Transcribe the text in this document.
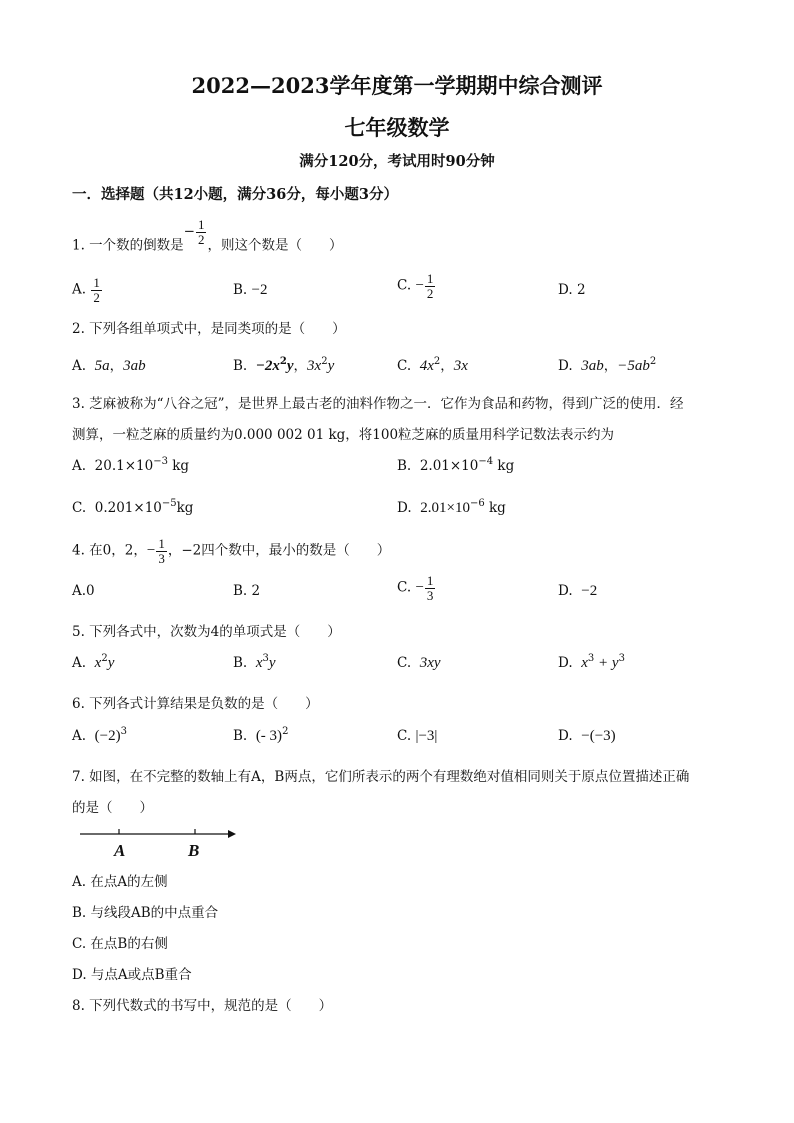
2022—2023学年度第一学期期中综合测评
七年级数学
满分120分，考试用时90分钟
一．选择题（共12小题，满分36分，每小题3分）
1. 一个数的倒数是− $\frac{1}{2}$ ，则这个数是（　　）
A. $\frac{1}{2}$	B. −2	C. − $\frac{1}{2}$	D. 2
2. 下列各组单项式中，是同类项的是（　　）
A. 5a，3ab	B. $-2x^2y$，$3x^2y$	C. $4x^2$，3x	D. 3ab，$-5ab^2$
3. 芝麻被称为“八谷之冠”，是世界上最古老的油料作物之一．它作为食品和药物，得到广泛的使用．经
测算，一粒芝麻的质量约为0.000 002 01 kg，将100粒芝麻的质量用科学记数法表示约为
A. $20.1\times 10^{-3}$ kg	B. $2.01\times 10^{-4}$ kg
C. $0.201\times 10^{-5}kg$	D. $2.01\times 10^{-6}$ kg
4. 在0，2，− $\frac{1}{3}$ ，−2四个数中，最小的数是（　　）
A.0	B. 2	C. − $\frac{1}{3}$	D. −2
5. 下列各式中，次数为4的单项式是（　　）
A. $x^2y$	B. $x^3y$	C. 3xy	D. $x^3 + y^3$
6. 下列各式计算结果是负数的是（　　）
A. $(-2)^3$	B. (- 3)$^2$	C. |−3|	D. −(−3)
7. 如图，在不完整的数轴上有A，B两点，它们所表示的两个有理数绝对值相同则关于原点位置描述正确
的是（　　）
A	B
A. 在点A的左侧
B. 与线段AB的中点重合
C. 在点B的右侧
D. 与点A或点B重合
8. 下列代数式的书写中，规范的是（　　）
